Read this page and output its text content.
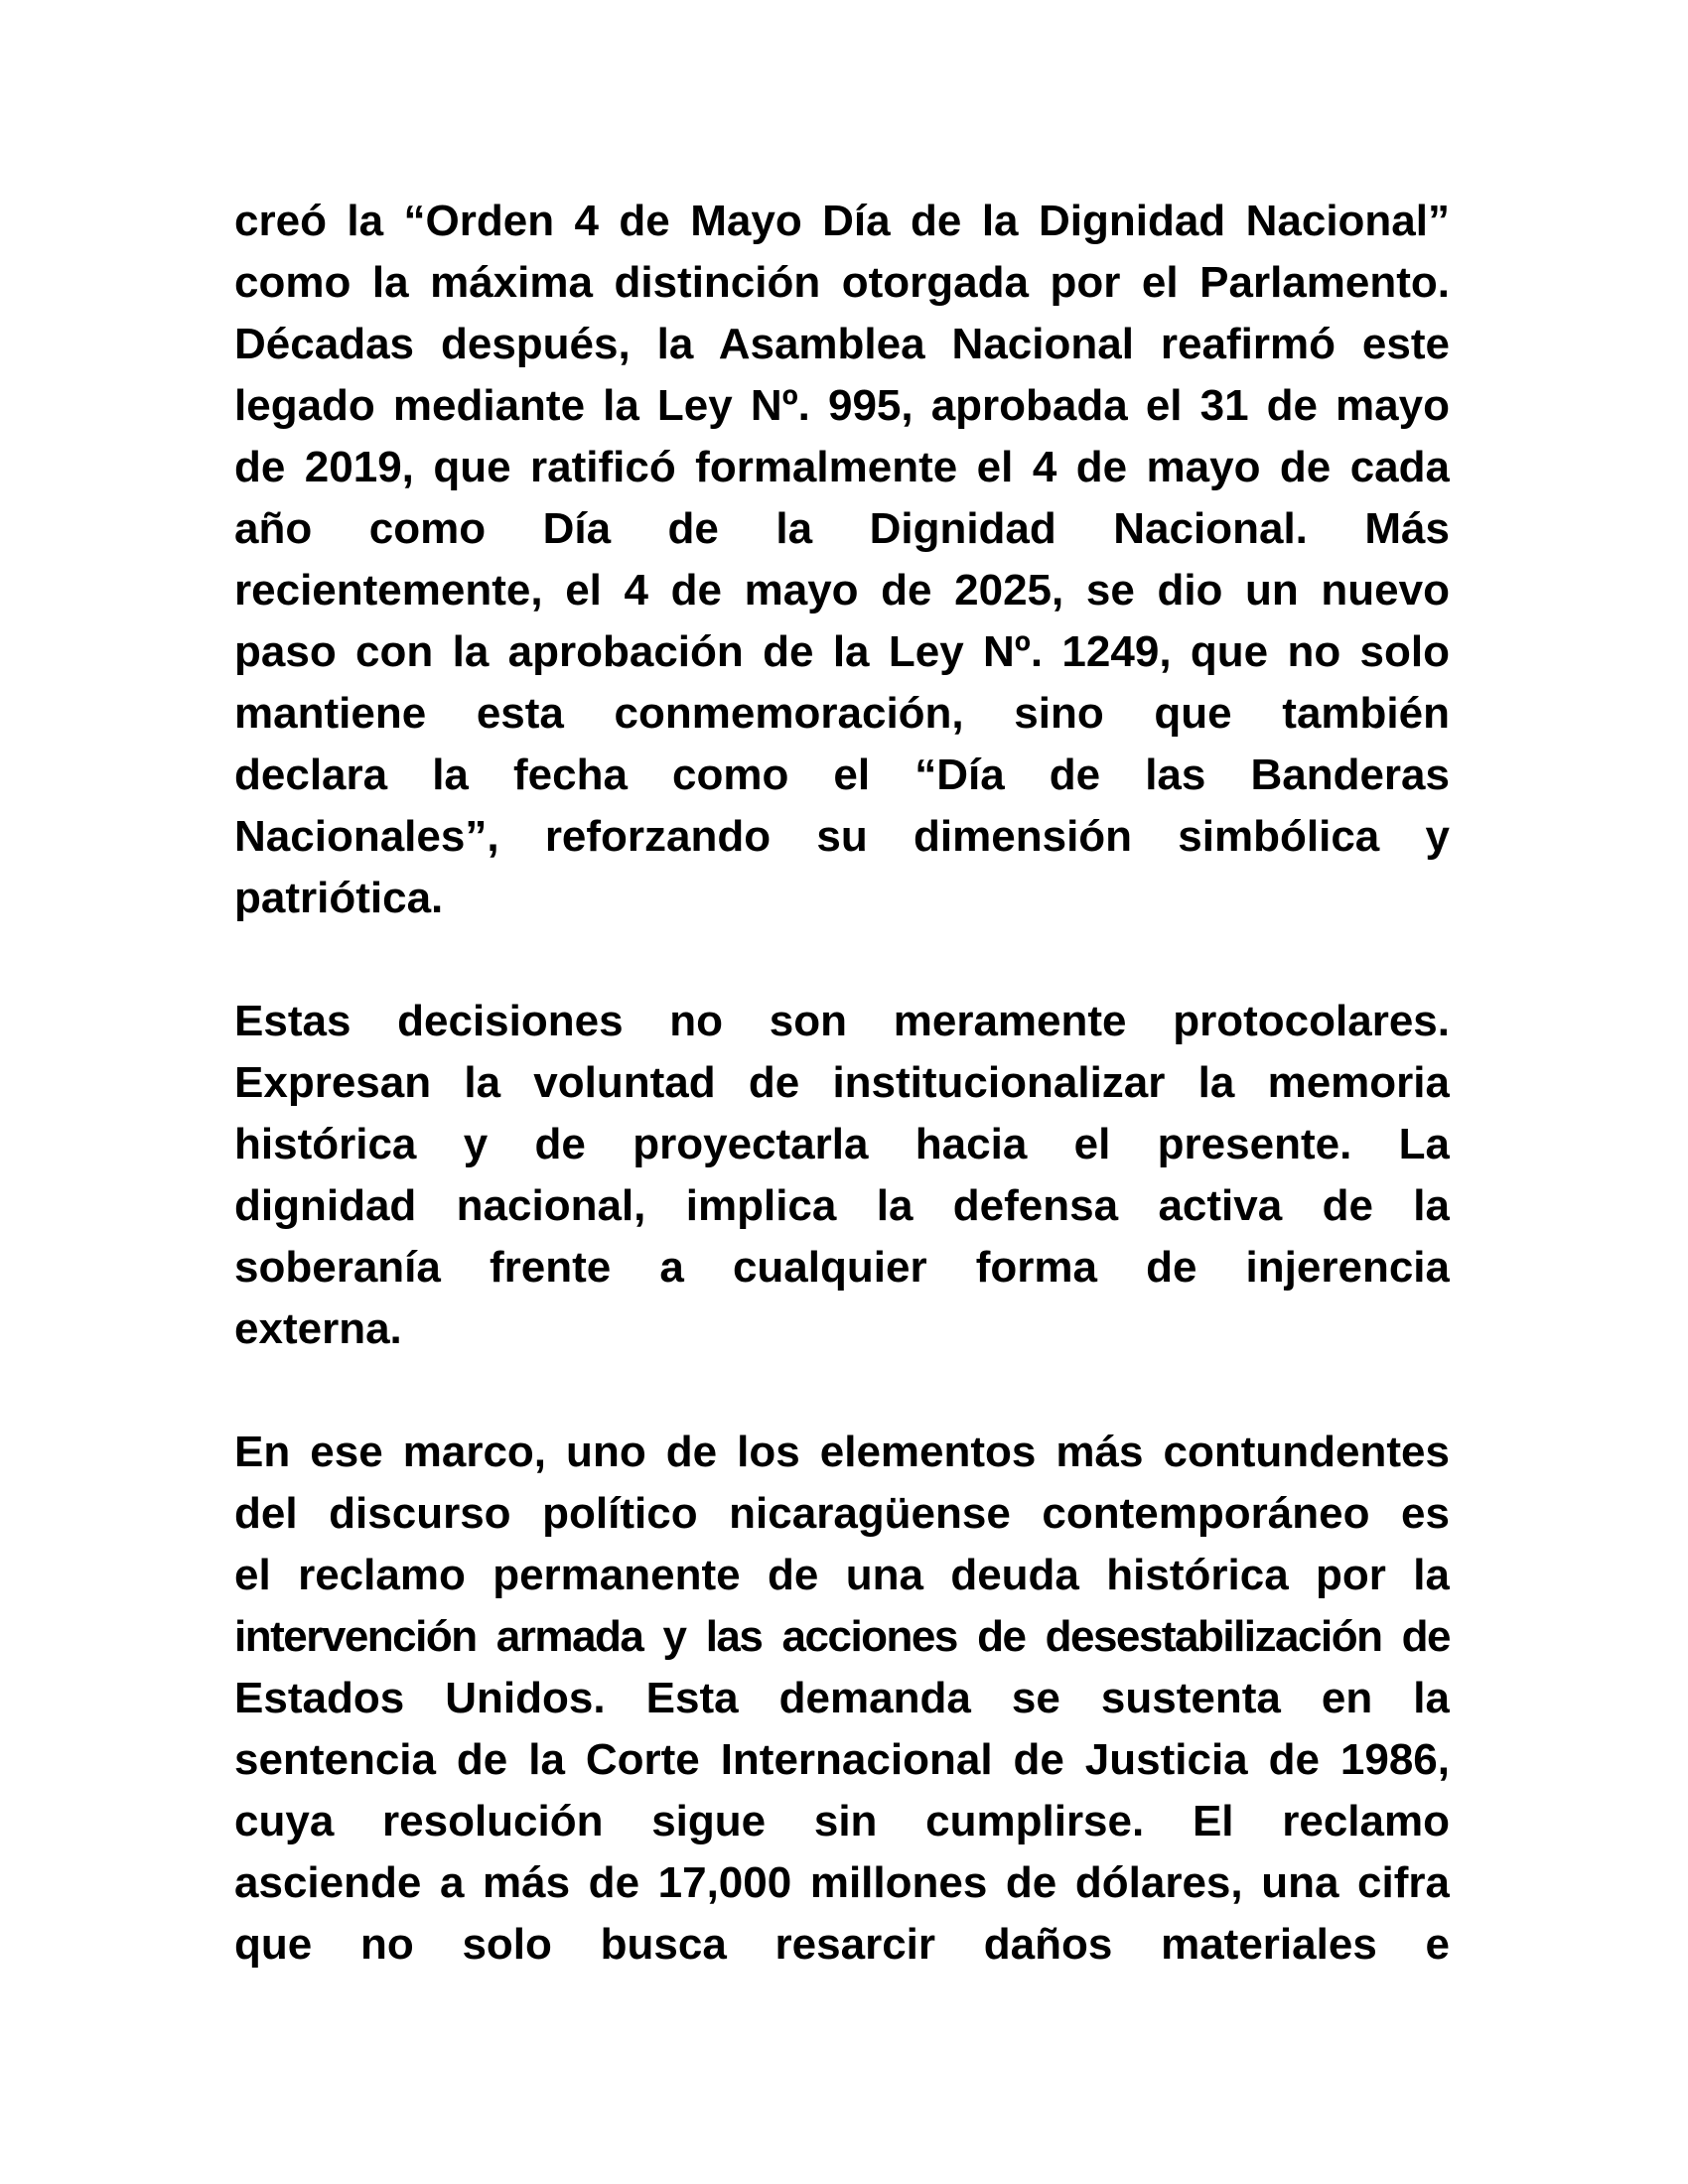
creó la “Orden 4 de Mayo Día de la Dignidad Nacional”
como la máxima distinción otorgada por el Parlamento.
Décadas después, la Asamblea Nacional reafirmó este
legado mediante la Ley Nº. 995, aprobada el 31 de mayo
de 2019, que ratificó formalmente el 4 de mayo de cada
año como Día de la Dignidad Nacional. Más
recientemente, el 4 de mayo de 2025, se dio un nuevo
paso con la aprobación de la Ley Nº. 1249, que no solo
mantiene esta conmemoración, sino que también
declara la fecha como el “Día de las Banderas
Nacionales”, reforzando su dimensión simbólica y
patriótica.
Estas decisiones no son meramente protocolares.
Expresan la voluntad de institucionalizar la memoria
histórica y de proyectarla hacia el presente. La
dignidad nacional, implica la defensa activa de la
soberanía frente a cualquier forma de injerencia
externa.
En ese marco, uno de los elementos más contundentes
del discurso político nicaragüense contemporáneo es
el reclamo permanente de una deuda histórica por la
intervención armada y las acciones de desestabilización de
Estados Unidos. Esta demanda se sustenta en la
sentencia de la Corte Internacional de Justicia de 1986,
cuya resolución sigue sin cumplirse. El reclamo
asciende a más de 17,000 millones de dólares, una cifra
que no solo busca resarcir daños materiales e
